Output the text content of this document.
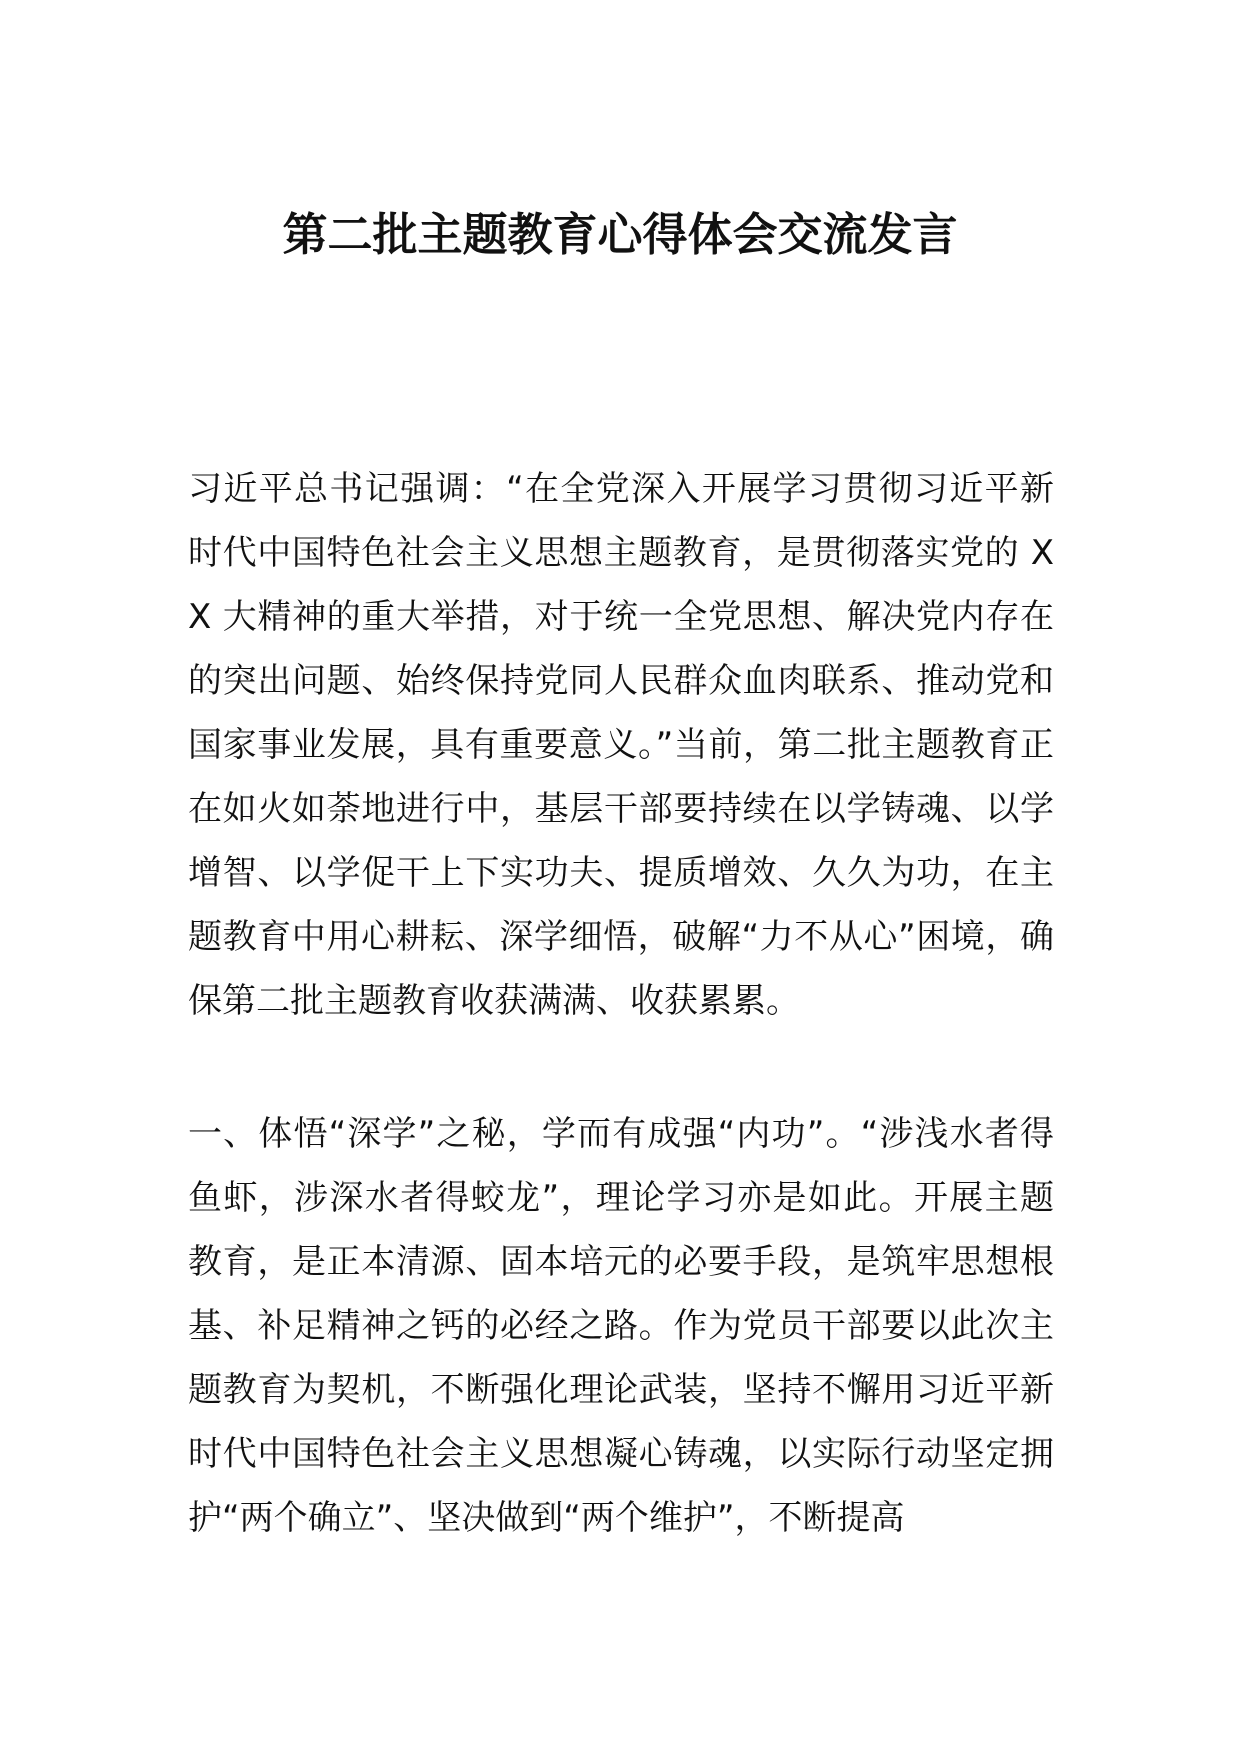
第二批主题教育心得体会交流发言

习近平总书记强调：“在全党深入开展学习贯彻习近平新时代中国特色社会主义思想主题教育，是贯彻落实党的 XX 大精神的重大举措，对于统一全党思想、解决党内存在的突出问题、始终保持党同人民群众血肉联系、推动党和国家事业发展，具有重要意义。”当前，第二批主题教育正在如火如荼地进行中，基层干部要持续在以学铸魂、以学增智、以学促干上下实功夫、提质增效、久久为功，在主题教育中用心耕耘、深学细悟，破解“力不从心”困境，确保第二批主题教育收获满满、收获累累。

一、体悟“深学”之秘，学而有成强“内功”。“涉浅水者得鱼虾，涉深水者得蛟龙”，理论学习亦是如此。开展主题教育，是正本清源、固本培元的必要手段，是筑牢思想根基、补足精神之钙的必经之路。作为党员干部要以此次主题教育为契机，不断强化理论武装，坚持不懈用习近平新时代中国特色社会主义思想凝心铸魂，以实际行动坚定拥护“两个确立”、坚决做到“两个维护”，不断提高
